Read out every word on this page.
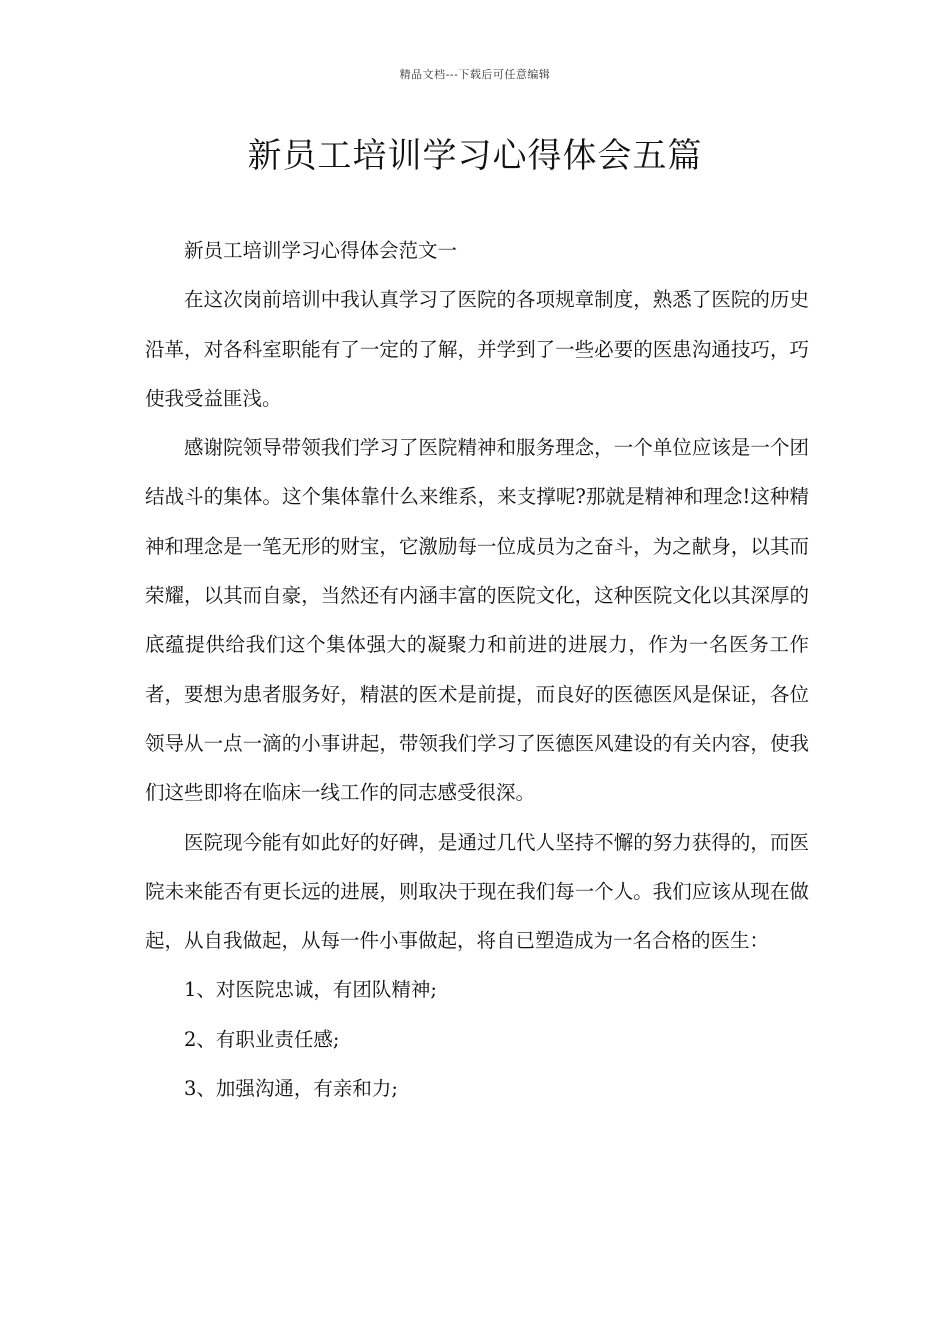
精品文档---下载后可任意编辑
新员工培训学习心得体会五篇

新员工培训学习心得体会范文一

在这次岗前培训中我认真学习了医院的各项规章制度，熟悉了医院的历史沿革，对各科室职能有了一定的了解，并学到了一些必要的医患沟通技巧，巧使我受益匪浅。

感谢院领导带领我们学习了医院精神和服务理念，一个单位应该是一个团结战斗的集体。这个集体靠什么来维系，来支撑呢?那就是精神和理念!这种精神和理念是一笔无形的财宝，它激励每一位成员为之奋斗，为之献身，以其而荣耀，以其而自豪，当然还有内涵丰富的医院文化，这种医院文化以其深厚的底蕴提供给我们这个集体强大的凝聚力和前进的进展力，作为一名医务工作者，要想为患者服务好，精湛的医术是前提，而良好的医德医风是保证，各位领导从一点一滴的小事讲起，带领我们学习了医德医风建设的有关内容，使我们这些即将在临床一线工作的同志感受很深。

医院现今能有如此好的好碑，是通过几代人坚持不懈的努力获得的，而医院未来能否有更长远的进展，则取决于现在我们每一个人。我们应该从现在做起，从自我做起，从每一件小事做起，将自已塑造成为一名合格的医生：

1、对医院忠诚，有团队精神;

2、有职业责任感;

3、加强沟通，有亲和力;
